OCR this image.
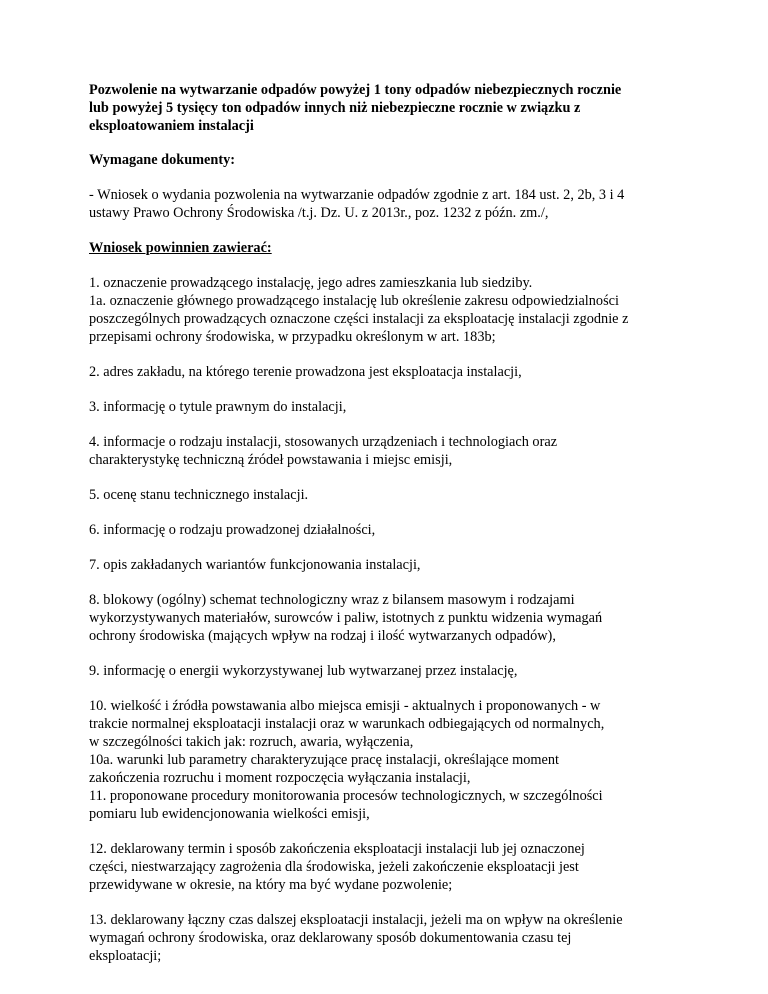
Pozwolenie na wytwarzanie odpadów powyżej 1 tony odpadów niebezpiecznych rocznie
lub powyżej 5 tysięcy ton odpadów innych niż niebezpieczne rocznie w związku z
eksploatowaniem instalacji

Wymagane dokumenty:

- Wniosek o wydania pozwolenia na wytwarzanie odpadów zgodnie z art. 184 ust. 2, 2b, 3 i 4
ustawy Prawo Ochrony Środowiska /t.j. Dz. U. z 2013r., poz. 1232 z późn. zm./,

Wniosek powinnien zawierać:

1. oznaczenie prowadzącego instalację, jego adres zamieszkania lub siedziby.
1a. oznaczenie głównego prowadzącego instalację lub określenie zakresu odpowiedzialności
poszczególnych prowadzących oznaczone części instalacji za eksploatację instalacji zgodnie z
przepisami ochrony środowiska, w przypadku określonym w art. 183b;

2. adres zakładu, na którego terenie prowadzona jest eksploatacja instalacji,

3. informację o tytule prawnym do instalacji,

4. informacje o rodzaju instalacji, stosowanych urządzeniach i technologiach oraz
charakterystykę techniczną źródeł powstawania i miejsc emisji,

5. ocenę stanu technicznego instalacji.

6. informację o rodzaju prowadzonej działalności,

7. opis zakładanych wariantów funkcjonowania instalacji,

8. blokowy (ogólny) schemat technologiczny wraz z bilansem masowym i rodzajami
wykorzystywanych materiałów, surowców i paliw, istotnych z punktu widzenia wymagań
ochrony środowiska (mających wpływ na rodzaj i ilość wytwarzanych odpadów),

9. informację o energii wykorzystywanej lub wytwarzanej przez instalację,

10. wielkość i źródła powstawania albo miejsca emisji - aktualnych i proponowanych - w
trakcie normalnej eksploatacji instalacji oraz w warunkach odbiegających od normalnych,
w szczególności takich jak: rozruch, awaria, wyłączenia,
10a. warunki lub parametry charakteryzujące pracę instalacji, określające moment
zakończenia rozruchu i moment rozpoczęcia wyłączania instalacji,
11. proponowane procedury monitorowania procesów technologicznych, w szczególności
pomiaru lub ewidencjonowania wielkości emisji,

12. deklarowany termin i sposób zakończenia eksploatacji instalacji lub jej oznaczonej
części, niestwarzający zagrożenia dla środowiska, jeżeli zakończenie eksploatacji jest
przewidywane w okresie, na który ma być wydane pozwolenie;

13. deklarowany łączny czas dalszej eksploatacji instalacji, jeżeli ma on wpływ na określenie
wymagań ochrony środowiska, oraz deklarowany sposób dokumentowania czasu tej
eksploatacji;
